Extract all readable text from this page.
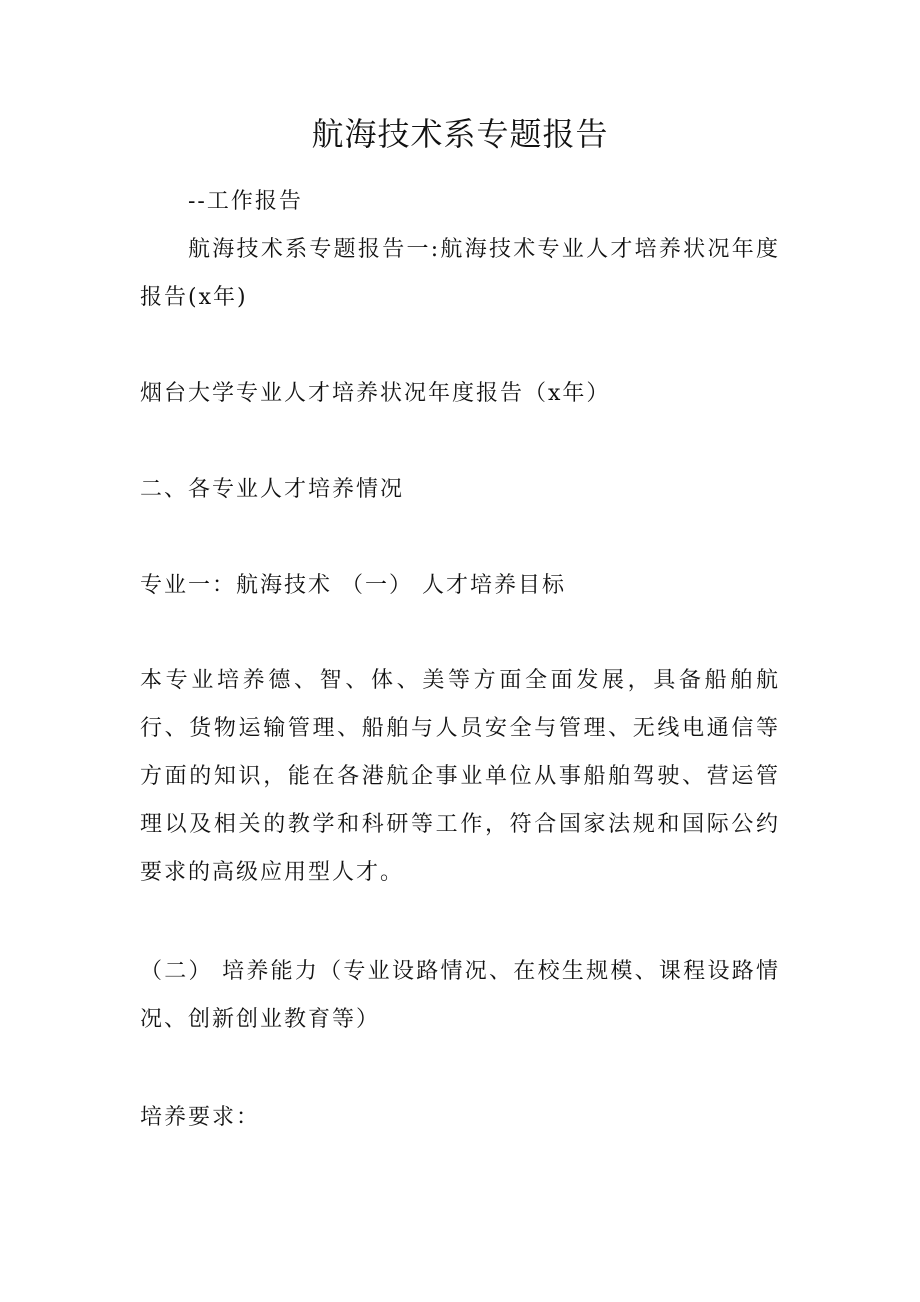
航海技术系专题报告

--工作报告

航海技术系专题报告一:航海技术专业人才培养状况年度报告(x年)

烟台大学专业人才培养状况年度报告（x年）

二、各专业人才培养情况

专业一：航海技术 （一） 人才培养目标

本专业培养德、智、体、美等方面全面发展，具备船舶航行、货物运输管理、船舶与人员安全与管理、无线电通信等方面的知识，能在各港航企事业单位从事船舶驾驶、营运管理以及相关的教学和科研等工作，符合国家法规和国际公约要求的高级应用型人才。

（二） 培养能力（专业设路情况、在校生规模、课程设路情况、创新创业教育等）

培养要求：
